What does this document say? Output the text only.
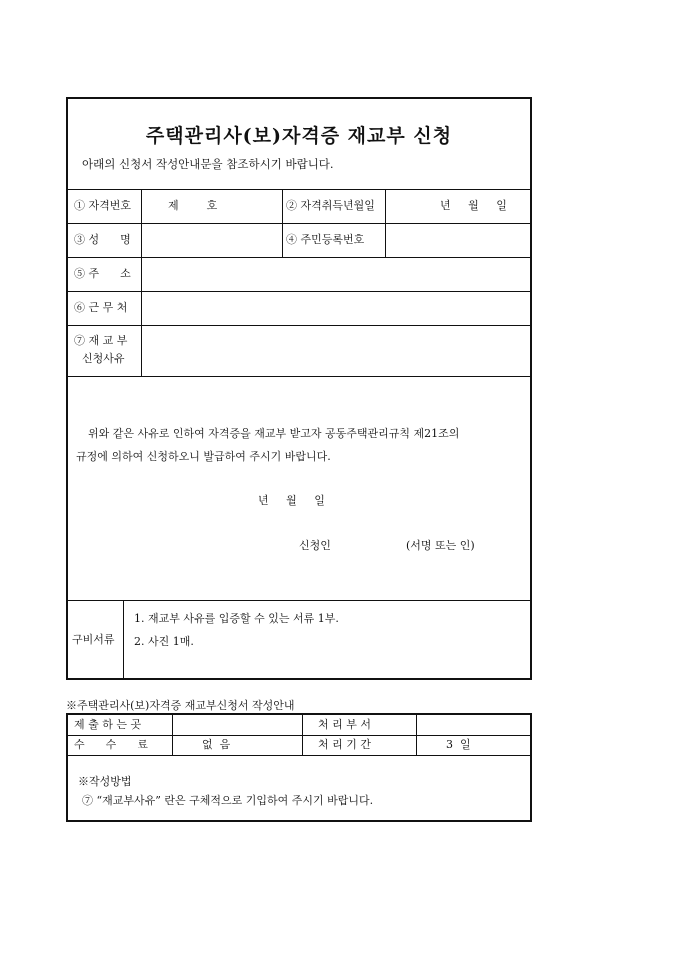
주택관리사(보)자격증 재교부 신청
아래의 신청서 작성안내문을 참조하시기 바랍니다.
① 자격번호	제        호	② 자격취득년월일	년     월     일
③ 성      명	④ 주민등록번호
⑤ 주      소
⑥ 근 무 처
⑦ 재 교 부
신청사유
위와 같은 사유로 인하여 자격증을 재교부 받고자 공동주택관리규칙 제21조의
규정에 의하여 신청하오니 발급하여 주시기 바랍니다.
년     월     일
신청인	(서명 또는 인)
구비서류
1. 재교부 사유를 입증할 수 있는 서류 1부.
2. 사진 1매.
※주택관리사(보)자격증 재교부신청서 작성안내
제 출 하 는 곳	처 리 부 서
수      수      료	없  음	처 리 기 간	3  일
※작성방법
⑦ “재교부사유” 란은 구체적으로 기입하여 주시기 바랍니다.
